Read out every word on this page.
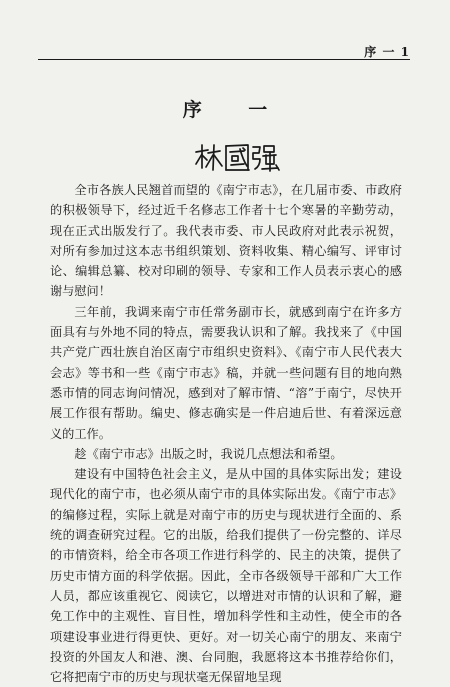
序 一 1
序 一

全市各族人民翘首而望的《南宁市志》，在几届市委、市政府的积极领导下，经过近千名修志工作者十七个寒暑的辛勤劳动，现在正式出版发行了。我代表市委、市人民政府对此表示祝贺，对所有参加过这本志书组织策划、资料收集、精心编写、评审讨论、编辑总纂、校对印刷的领导、专家和工作人员表示衷心的感谢与慰问！

三年前，我调来南宁市任常务副市长，就感到南宁在许多方面具有与外地不同的特点，需要我认识和了解。我找来了《中国共产党广西壮族自治区南宁市组织史资料》、《南宁市人民代表大会志》等书和一些《南宁市志》稿，并就一些问题有目的地向熟悉市情的同志询问情况，感到对了解市情、“溶”于南宁，尽快开展工作很有帮助。编史、修志确实是一件启迪后世、有着深远意义的工作。

趁《南宁市志》出版之时，我说几点想法和希望。

建设有中国特色社会主义，是从中国的具体实际出发；建设现代化的南宁市，也必须从南宁市的具体实际出发。《南宁市志》的编修过程，实际上就是对南宁市的历史与现状进行全面的、系统的调查研究过程。它的出版，给我们提供了一份完整的、详尽的市情资料，给全市各项工作进行科学的、民主的决策，提供了历史市情方面的科学依据。因此，全市各级领导干部和广大工作人员，都应该重视它、阅读它，以增进对市情的认识和了解，避免工作中的主观性、盲目性，增加科学性和主动性，使全市的各项建设事业进行得更快、更好。对一切关心南宁的朋友、来南宁投资的外国友人和港、澳、台同胞，我愿将这本书推荐给你们，它将把南宁市的历史与现状毫无保留地呈现
